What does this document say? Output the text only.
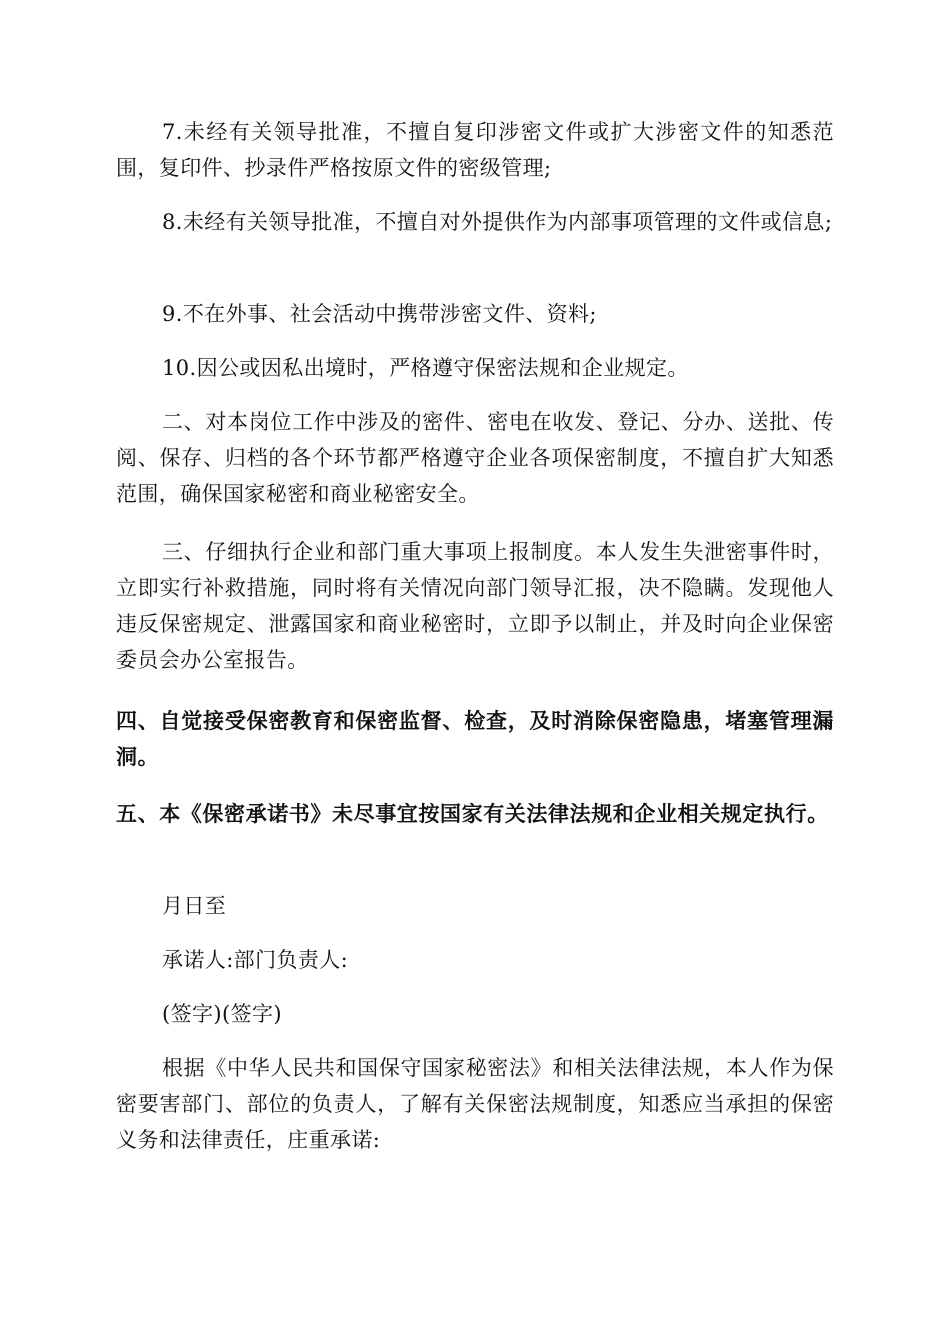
7.未经有关领导批准，不擅自复印涉密文件或扩大涉密文件的知悉范围，复印件、抄录件严格按原文件的密级管理;

8.未经有关领导批准，不擅自对外提供作为内部事项管理的文件或信息;

9.不在外事、社会活动中携带涉密文件、资料;

10.因公或因私出境时，严格遵守保密法规和企业规定。

二、对本岗位工作中涉及的密件、密电在收发、登记、分办、送批、传阅、保存、归档的各个环节都严格遵守企业各项保密制度，不擅自扩大知悉范围，确保国家秘密和商业秘密安全。

三、仔细执行企业和部门重大事项上报制度。本人发生失泄密事件时，立即实行补救措施，同时将有关情况向部门领导汇报，决不隐瞒。发现他人违反保密规定、泄露国家和商业秘密时，立即予以制止，并及时向企业保密委员会办公室报告。

四、自觉接受保密教育和保密监督、检查，及时消除保密隐患，堵塞管理漏洞。

五、本《保密承诺书》未尽事宜按国家有关法律法规和企业相关规定执行。

月日至

承诺人:部门负责人:

(签字)(签字)

根据《中华人民共和国保守国家秘密法》和相关法律法规，本人作为保密要害部门、部位的负责人，了解有关保密法规制度，知悉应当承担的保密义务和法律责任，庄重承诺:
